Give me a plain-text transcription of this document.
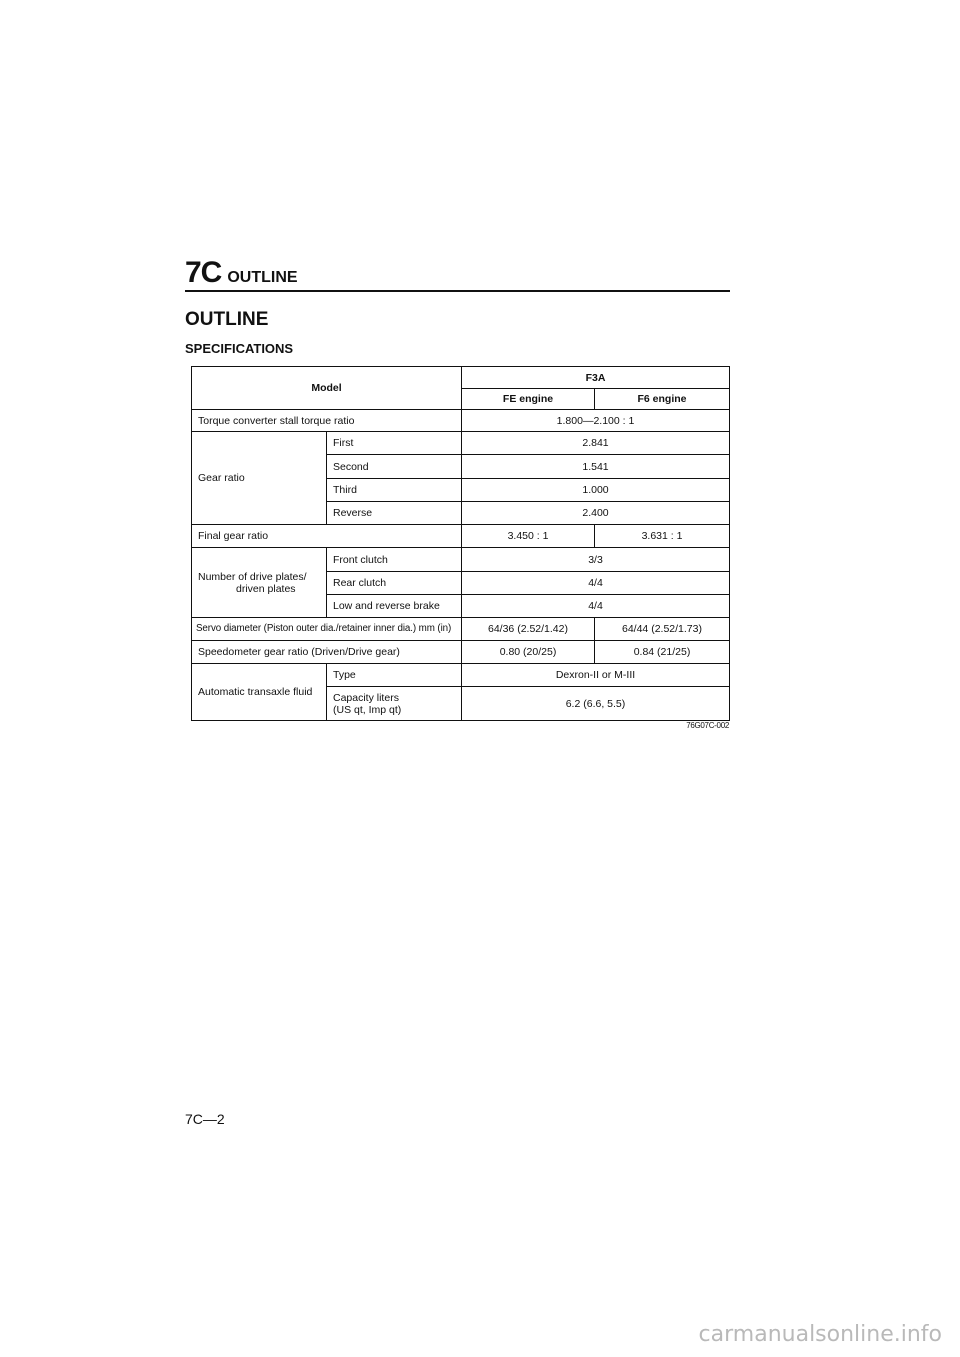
7C OUTLINE
OUTLINE
SPECIFICATIONS
Model		F3A	
		FE engine	F6 engine
Torque converter stall torque ratio		1.800—2.100 : 1	
Gear ratio	First	2.841	
	Second	1.541	
	Third	1.000	
	Reverse	2.400	
Final gear ratio		3.450 : 1	3.631 : 1

Number of drive plates/
driven plates	Front clutch	3/3	
	Rear clutch	4/4	
	Low and reverse brake	4/4	
Servo diameter (Piston outer dia./retainer inner dia.) mm (in)		64/36 (2.52/1.42)	64/44 (2.52/1.73)
Speedometer gear ratio (Driven/Drive gear)		0.80 (20/25)	0.84 (21/25)
Automatic transaxle fluid	Type	Dexron-II or M-III	

	Capacity liters
(US qt, Imp qt)	6.2 (6.6, 5.5)	
76G07C-002
7C—2
carmanualsonline.info
